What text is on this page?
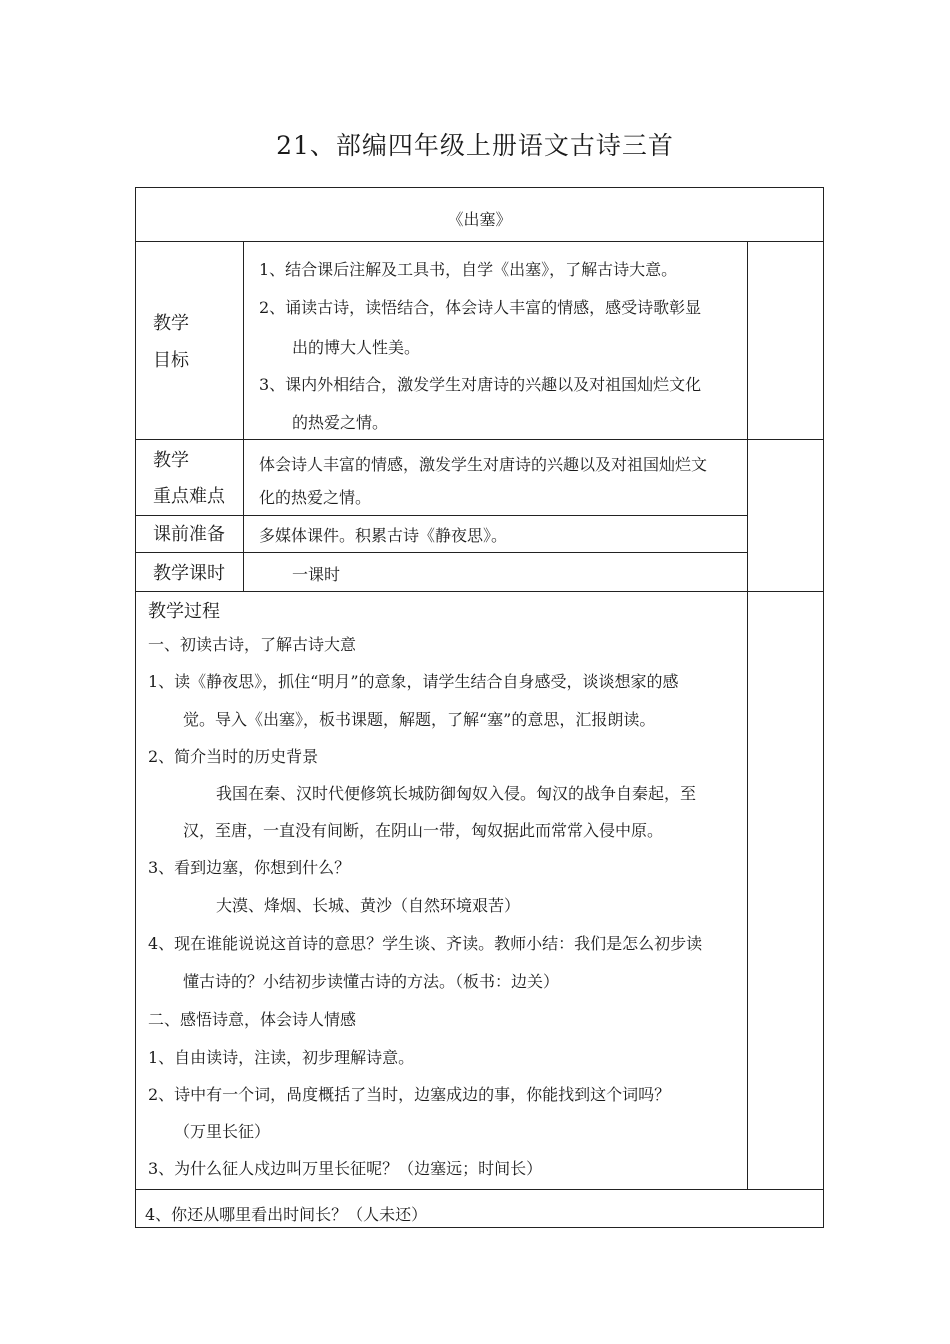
21、部编四年级上册语文古诗三首
《出塞》
教学
目标
1、结合课后注解及工具书，自学《出塞》，了解古诗大意。
2、诵读古诗，读悟结合，体会诗人丰富的情感，感受诗歌彰显
出的博大人性美。
3、课内外相结合，激发学生对唐诗的兴趣以及对祖国灿烂文化
的热爱之情。
教学
重点难点
体会诗人丰富的情感，激发学生对唐诗的兴趣以及对祖国灿烂文
化的热爱之情。
课前准备 多媒体课件。积累古诗《静夜思》。
教学课时	一课时
教学过程
一、初读古诗，了解古诗大意
1、读《静夜思》，抓住“明月”的意象，请学生结合自身感受，谈谈想家的感
觉。导入《出塞》，板书课题，解题，了解“塞”的意思，汇报朗读。
2、简介当时的历史背景
我国在秦、汉时代便修筑长城防御匈奴入侵。匈汉的战争自秦起，至
汉，至唐，一直没有间断，在阴山一带，匈奴据此而常常入侵中原。
3、看到边塞，你想到什么？
大漠、烽烟、长城、黄沙（自然环境艰苦）
4、现在谁能说说这首诗的意思？学生谈、齐读。教师小结：我们是怎么初步读
懂古诗的？小结初步读懂古诗的方法。（板书：边关）
二、感悟诗意，体会诗人情感
1、自由读诗，注读，初步理解诗意。
2、诗中有一个词，咼度概括了当时，边塞成边的事，你能找到这个词吗？
（万里长征）
3、为什么征人戍边叫万里长征呢？（边塞远；时间长）
4、你还从哪里看出时间长？（人未还）
